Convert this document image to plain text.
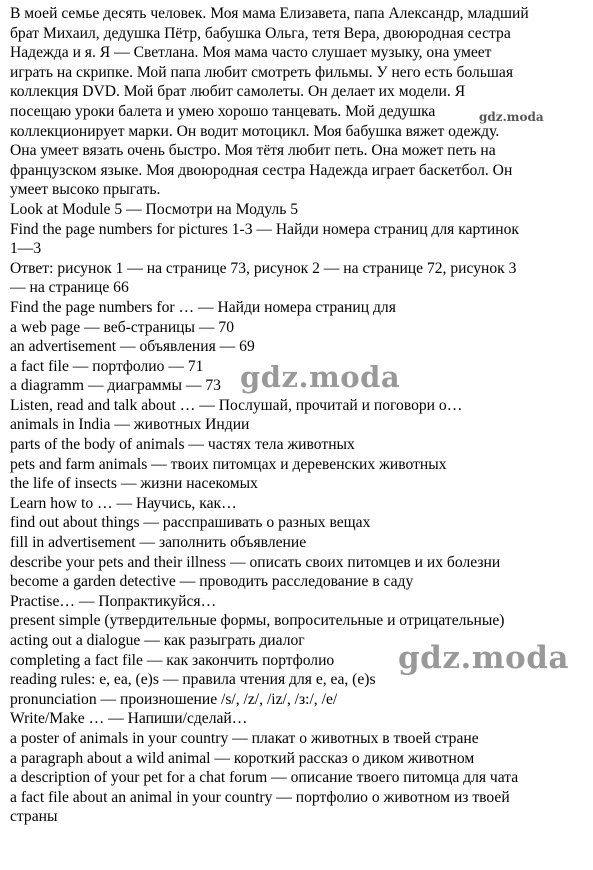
В моей семье десять человек. Моя мама Елизавета, папа Александр, младший
брат Михаил, дедушка Пётр, бабушка Ольга, тетя Вера, двоюродная сестра
Надежда и я. Я — Светлана. Моя мама часто слушает музыку, она умеет
играть на скрипке. Мой папа любит смотреть фильмы. У него есть большая
коллекция DVD. Мой брат любит самолеты. Он делает их модели. Я
посещаю уроки балета и умею хорошо танцевать. Мой дедушка
коллекционирует марки. Он водит мотоцикл. Моя бабушка вяжет одежду.
Она умеет вязать очень быстро. Моя тётя любит петь. Она может петь на
французском языке. Моя двоюродная сестра Надежда играет баскетбол. Он
умеет высоко прыгать.
Look at Module 5 — Посмотри на Модуль 5
Find the page numbers for pictures 1-3 — Найди номера страниц для картинок
1—3
Ответ: рисунок 1 — на странице 73, рисунок 2 — на странице 72, рисунок 3
— на странице 66
Find the page numbers for … — Найди номера страниц для
a web page — веб-страницы — 70
an advertisement — объявления — 69
a fact file — портфолио — 71
a diagramm — диаграммы — 73
Listen, read and talk about … — Послушай, прочитай и поговори о…
animals in India — животных Индии
parts of the body of animals — частях тела животных
pets and farm animals — твоих питомцах и деревенских животных
the life of insects — жизни насекомых
Learn how to … — Научись, как…
find out about things — расспрашивать о разных вещах
fill in advertisement — заполнить объявление
describe your pets and their illness — описать своих питомцев и их болезни
become a garden detective — проводить расследование в саду
Practise… — Попрактикуйся…
present simple (утвердительные формы, вопросительные и отрицательные)
acting out a dialogue — как разыграть диалог
completing a fact file — как закончить портфолио
reading rules: e, ea, (e)s — правила чтения для e, ea, (e)s
pronunciation — произношение /s/, /z/, /iz/, /з:/, /e/
Write/Make … — Напиши/сделай…
a poster of animals in your country — плакат о животных в твоей стране
a paragraph about a wild animal — короткий рассказ о диком животном
a description of your pet for a chat forum — описание твоего питомца для чата
a fact file about an animal in your country — портфолио о животном из твоей
страны
gdz.moda
gdz.moda
gdz.moda
